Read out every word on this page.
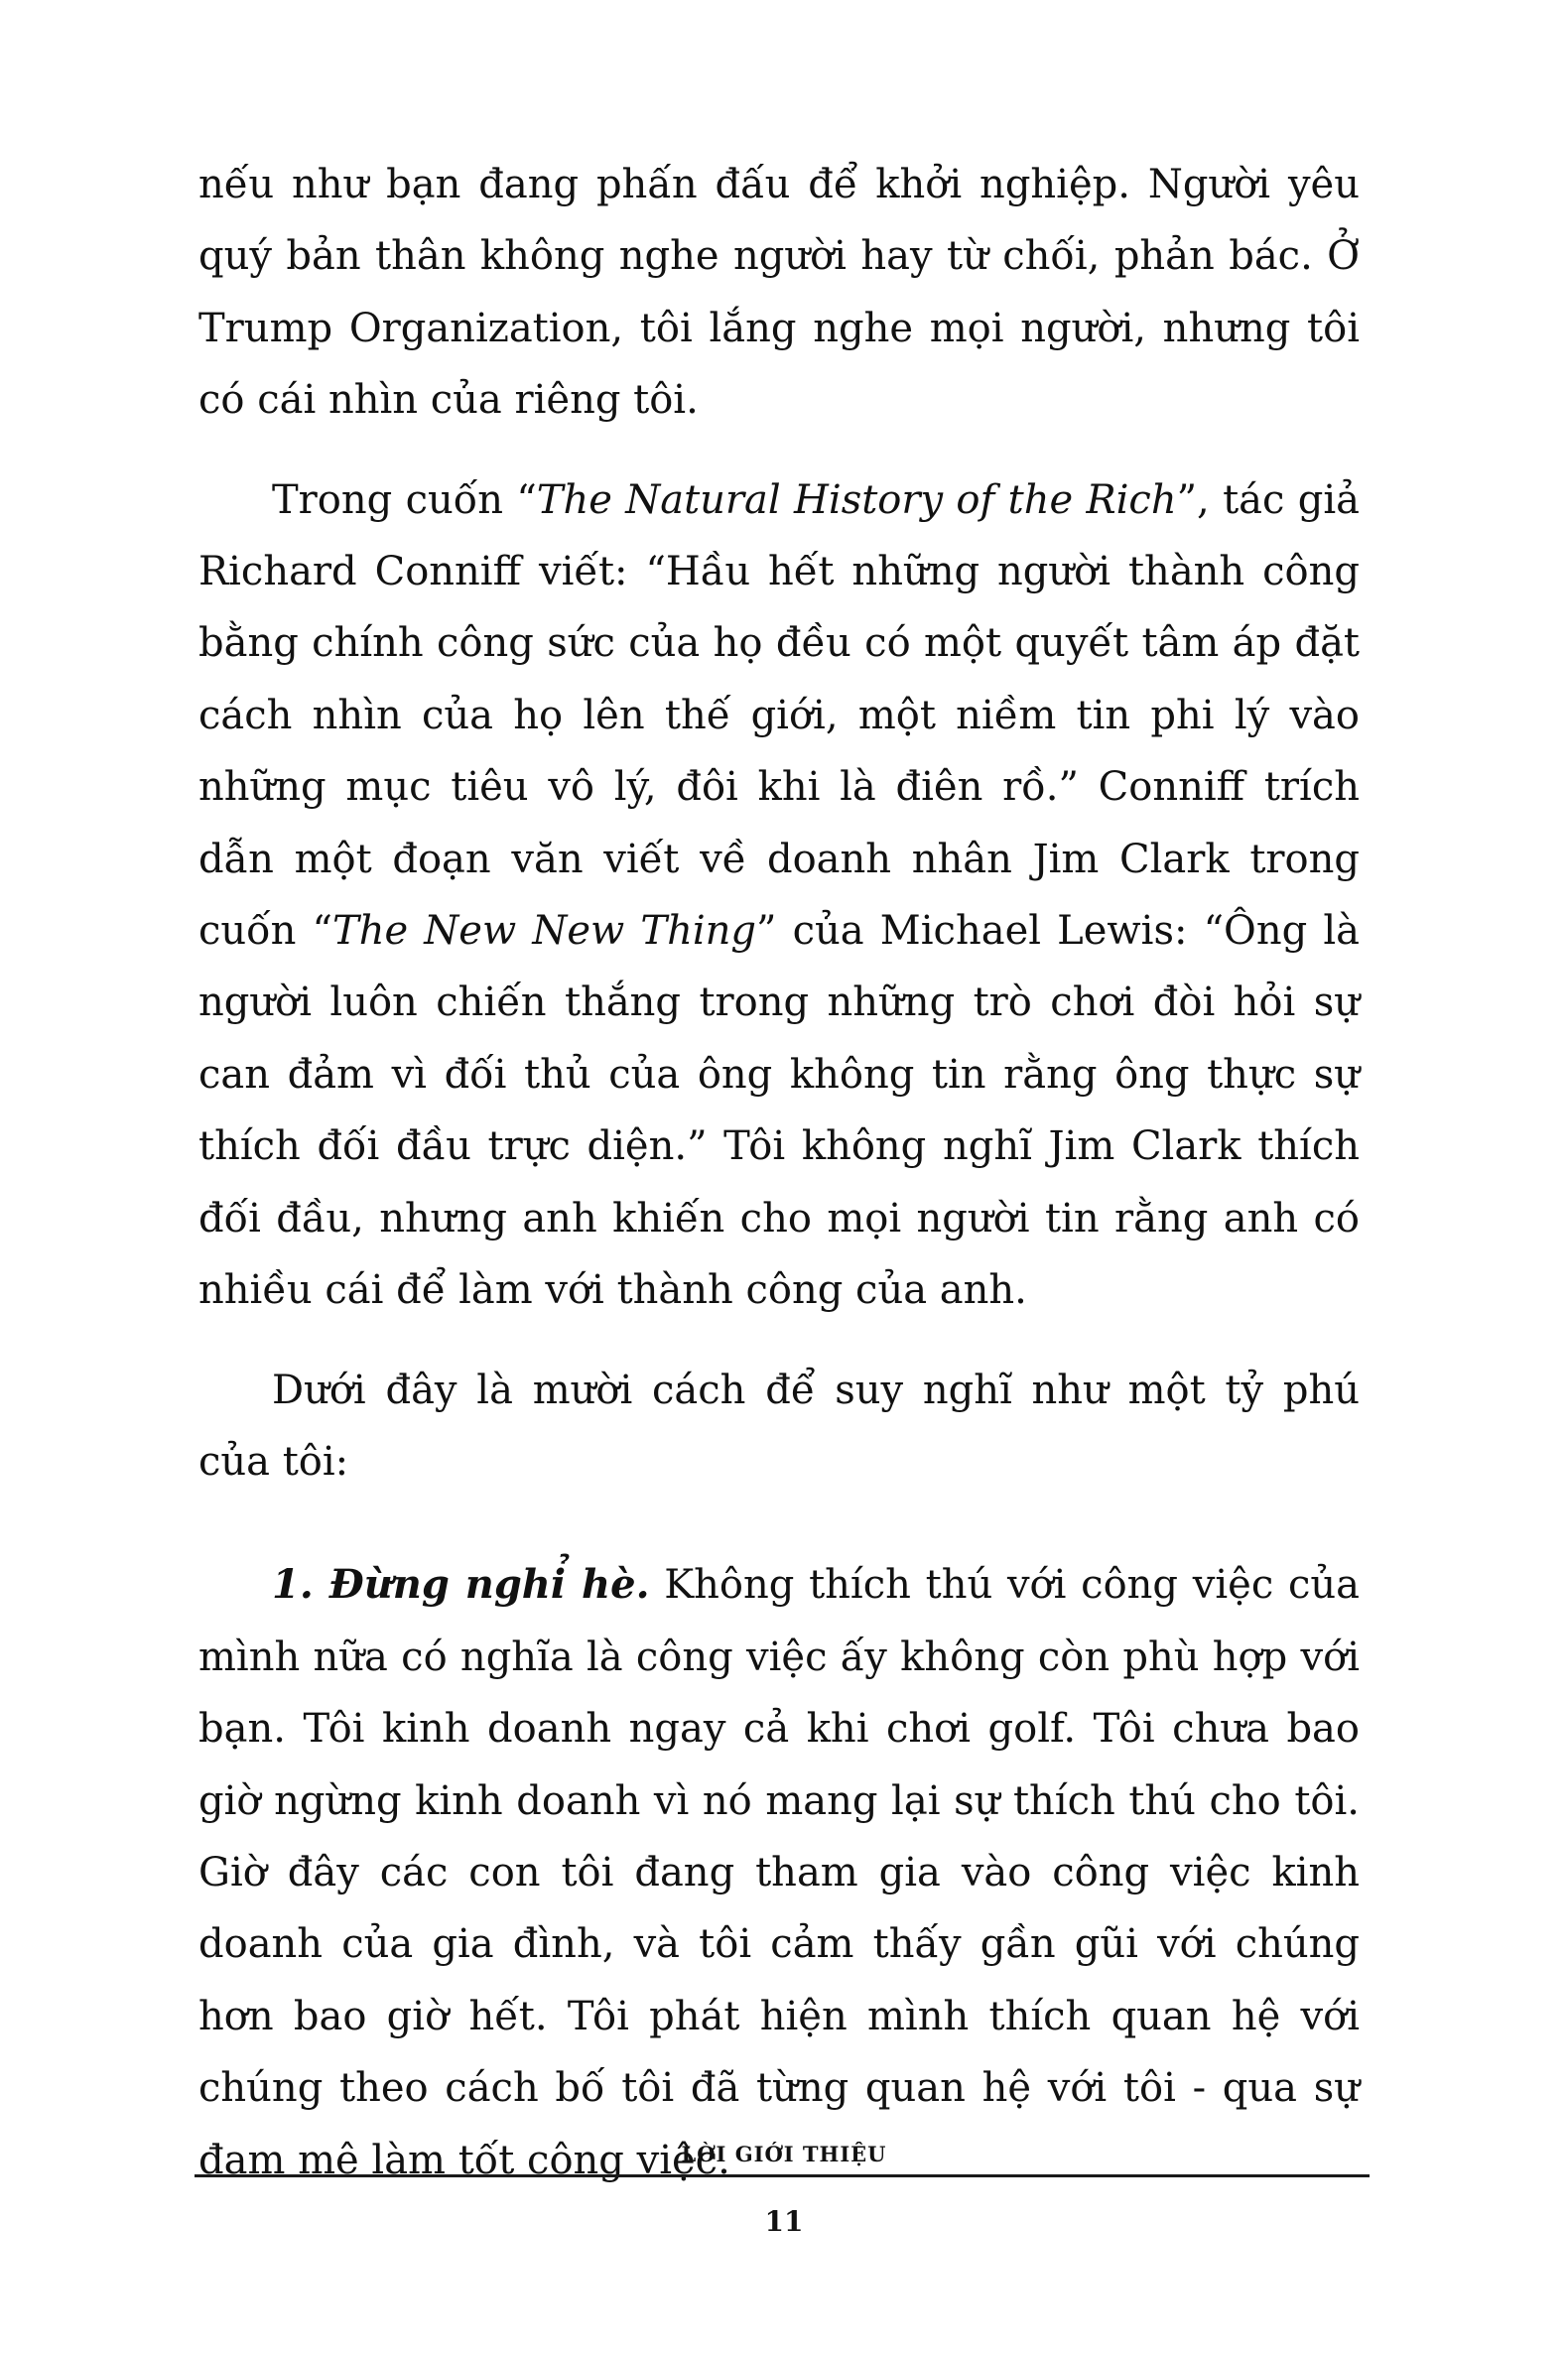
nếu như bạn đang phấn đấu để khởi nghiệp. Người yêu quý bản thân không nghe người hay từ chối, phản bác. Ở Trump Organization, tôi lắng nghe mọi người, nhưng tôi có cái nhìn của riêng tôi.

Trong cuốn “The Natural History of the Rich”, tác giả Richard Conniff viết: “Hầu hết những người thành công bằng chính công sức của họ đều có một quyết tâm áp đặt cách nhìn của họ lên thế giới, một niềm tin phi lý vào những mục tiêu vô lý, đôi khi là điên rồ.” Conniff trích dẫn một đoạn văn viết về doanh nhân Jim Clark trong cuốn “The New New Thing” của Michael Lewis: “Ông là người luôn chiến thắng trong những trò chơi đòi hỏi sự can đảm vì đối thủ của ông không tin rằng ông thực sự thích đối đầu trực diện.” Tôi không nghĩ Jim Clark thích đối đầu, nhưng anh khiến cho mọi người tin rằng anh có nhiều cái để làm với thành công của anh.

Dưới đây là mười cách để suy nghĩ như một tỷ phú của tôi:

1. Đừng nghỉ hè. Không thích thú với công việc của mình nữa có nghĩa là công việc ấy không còn phù hợp với bạn. Tôi kinh doanh ngay cả khi chơi golf. Tôi chưa bao giờ ngừng kinh doanh vì nó mang lại sự thích thú cho tôi. Giờ đây các con tôi đang tham gia vào công việc kinh doanh của gia đình, và tôi cảm thấy gần gũi với chúng hơn bao giờ hết. Tôi phát hiện mình thích quan hệ với chúng theo cách bố tôi đã từng quan hệ với tôi - qua sự đam mê làm tốt công việc.

LỜI GIỚI THIỆU
11
